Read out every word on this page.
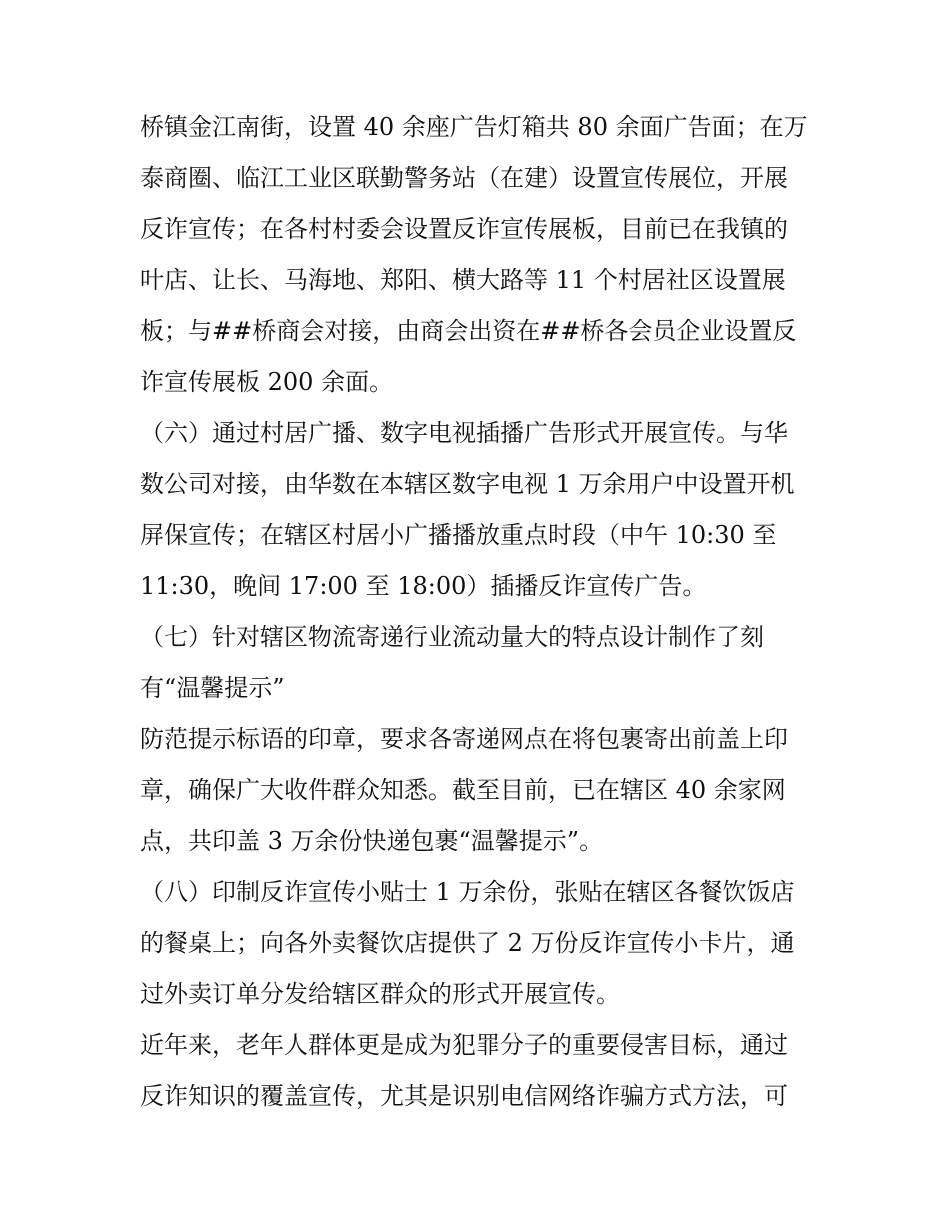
桥镇金江南街，设置 40 余座广告灯箱共 80 余面广告面；在万
泰商圈、临江工业区联勤警务站（在建）设置宣传展位，开展
反诈宣传；在各村村委会设置反诈宣传展板，目前已在我镇的
叶店、让长、马海地、郑阳、横大路等 11 个村居社区设置展
板；与##桥商会对接，由商会出资在##桥各会员企业设置反
诈宣传展板 200 余面。
（六）通过村居广播、数字电视插播广告形式开展宣传。与华
数公司对接，由华数在本辖区数字电视 1 万余用户中设置开机
屏保宣传；在辖区村居小广播播放重点时段（中午 10:30 至
11:30，晚间 17:00 至 18:00）插播反诈宣传广告。
（七）针对辖区物流寄递行业流动量大的特点设计制作了刻
有“温馨提示”
防范提示标语的印章，要求各寄递网点在将包裹寄出前盖上印
章，确保广大收件群众知悉。截至目前，已在辖区 40 余家网
点，共印盖 3 万余份快递包裹“温馨提示”。
（八）印制反诈宣传小贴士 1 万余份，张贴在辖区各餐饮饭店
的餐桌上；向各外卖餐饮店提供了 2 万份反诈宣传小卡片，通
过外卖订单分发给辖区群众的形式开展宣传。
近年来，老年人群体更是成为犯罪分子的重要侵害目标，通过
反诈知识的覆盖宣传，尤其是识别电信网络诈骗方式方法，可
